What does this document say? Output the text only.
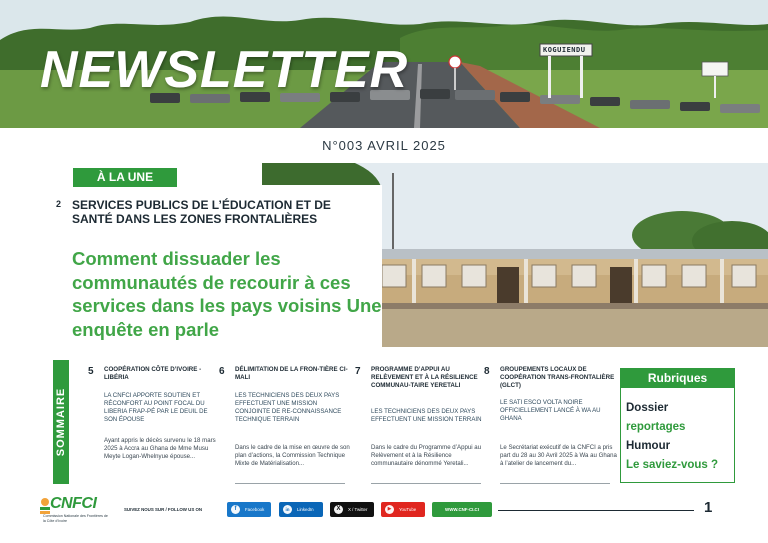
NEWSLETTER	KOGUIENDU
N°003 AVRIL 2025
À LA UNE
2 SERVICES PUBLICS DE L’ÉDUCATION ET DE SANTÉ DANS LES ZONES FRONTALIÈRES
Comment dissuader les communautés de recourir à ces services dans les pays voisins Une enquête en parle
SOMMAIRE
5 COOPÉRATION CÔTE D’IVOIRE -LIBÉRIA
LA CNFCI APPORTE SOUTIEN ET RÉCONFORT AU POINT FOCAL DU LIBERIA FRAP-PÉ PAR LE DEUIL DE SON ÉPOUSE
Ayant appris le décès survenu le 18 mars 2025 à Accra au Ghana de Mme Musu Meyte Logan-Whelnyue épouse...
6 DÉLIMITATION DE LA FRON-TIÈRE CI-MALI
LES TECHNICIENS DES DEUX PAYS EFFECTUENT UNE MISSION CONJOINTE DE RE-CONNAISSANCE TECHNIQUE TERRAIN
Dans le cadre de la mise en œuvre de son plan d’actions, la Commission Technique Mixte de Matérialisation...
7 PROGRAMME D’APPUI AU RELÈVEMENT ET À LA RÉSILIENCE COMMUNAU-TAIRE YERETALI
LES TECHNICIENS DES DEUX PAYS EFFECTUENT UNE MISSION TERRAIN
Dans le cadre du Programme d’Appui au Relèvement et à la Résilience communautaire dénommé Yeretali...
8 GROUPEMENTS LOCAUX DE COOPÉRATION TRANS-FRONTALIÈRE (GLCT)
LE SATI ESCO VOLTA NOIRE OFFICIELLEMENT LANCÉ À WA AU GHANA
Le Secrétariat exécutif de la CNFCI a pris part du 28 au 30 Avril 2025 à Wa au Ghana à l’atelier de lancement du...
Rubriques
Dossier
reportages
Humour
Le saviez-vous ?
CNFCI
Commission Nationale des Frontières de la Côte d’Ivoire
SUIVEZ NOUS SUR / FOLLOW US ON	f	Facebook	in	LinkedIn	X	X / Twitter	▶	YouTube	WWW.CNF-CI.CI	1
